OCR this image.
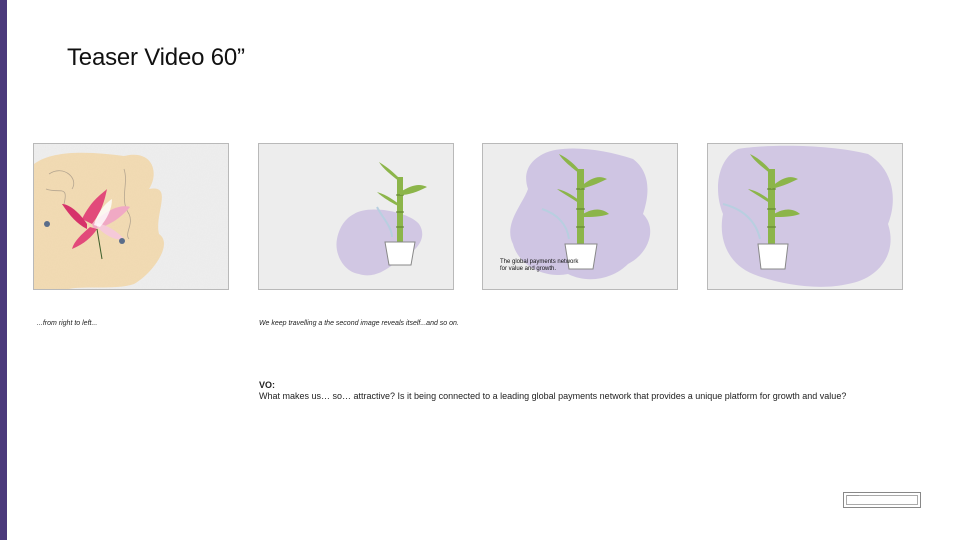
Teaser Video 60”
The global payments network
for value and growth.
...from right to left...	We keep travelling a the second image reveals itself...and so on.
VO:
What makes us… so… attractive? Is it being connected to a leading global payments network that provides a unique platform for growth and value?
————
